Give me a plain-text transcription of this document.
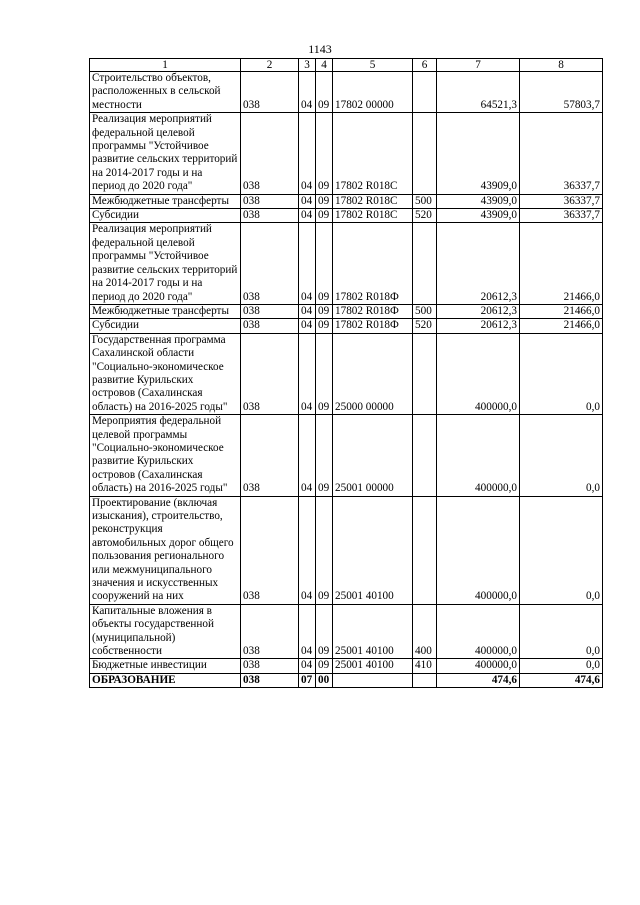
1143
1	2	3	4	5	6	7	8
Строительство объектов, расположенных в сельской местности	038	04	09	17802 00000		64521,3	57803,7
Реализация мероприятий федеральной целевой программы "Устойчивое развитие сельских территорий на 2014-2017 годы и на период до 2020 года"	038	04	09	17802 R018C		43909,0	36337,7
Межбюджетные трансферты	038	04	09	17802 R018C	500	43909,0	36337,7
Субсидии	038	04	09	17802 R018C	520	43909,0	36337,7
Реализация мероприятий федеральной целевой программы "Устойчивое развитие сельских территорий на 2014-2017 годы и на период до 2020 года"	038	04	09	17802 R018Ф		20612,3	21466,0
Межбюджетные трансферты	038	04	09	17802 R018Ф	500	20612,3	21466,0
Субсидии	038	04	09	17802 R018Ф	520	20612,3	21466,0
Государственная программа Сахалинской области "Социально-экономическое развитие Курильских островов (Сахалинская область) на 2016-2025 годы"	038	04	09	25000 00000		400000,0	0,0
Мероприятия федеральной целевой программы "Социально-экономическое развитие Курильских островов (Сахалинская область) на 2016-2025 годы"	038	04	09	25001 00000		400000,0	0,0
Проектирование (включая изыскания), строительство, реконструкция автомобильных дорог общего пользования регионального или межмуниципального значения и искусственных сооружений на них	038	04	09	25001 40100		400000,0	0,0
Капитальные вложения в объекты государственной (муниципальной) собственности	038	04	09	25001 40100	400	400000,0	0,0
Бюджетные инвестиции	038	04	09	25001 40100	410	400000,0	0,0
ОБРАЗОВАНИЕ	038	07	00			474,6	474,6
